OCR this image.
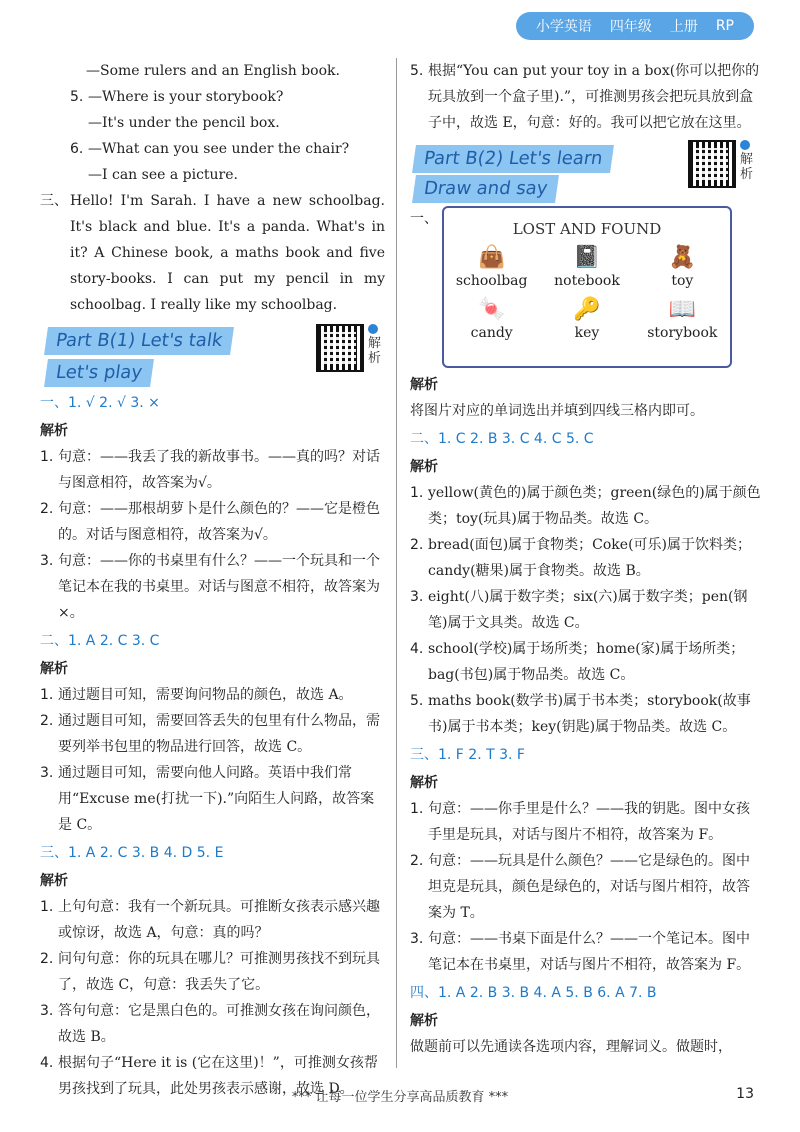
小学英语 四年级 上册 RP
—Some rulers and an English book.
5. —Where is your storybook?
—It's under the pencil box.
6. —What can you see under the chair?
—I can see a picture.
三、 Hello! I'm Sarah. I have a new schoolbag. It's black and blue. It's a panda. What's in it? A Chinese book, a maths book and five story-books. I can put my pencil in my schoolbag. I really like my schoolbag.
Part B(1) Let's talk
Let's play
解析
一、1. √ 2. √ 3. ×
解析
1. 句意：——我丢了我的新故事书。——真的吗？对话与图意相符，故答案为√。
2. 句意：——那根胡萝卜是什么颜色的？——它是橙色的。对话与图意相符，故答案为√。
3. 句意：——你的书桌里有什么？——一个玩具和一个笔记本在我的书桌里。对话与图意不相符，故答案为×。
二、1. A 2. C 3. C
解析
1. 通过题目可知，需要询问物品的颜色，故选 A。
2. 通过题目可知，需要回答丢失的包里有什么物品，需要列举书包里的物品进行回答，故选 C。
3. 通过题目可知，需要向他人问路。英语中我们常用“Excuse me(打扰一下).”向陌生人问路，故答案是 C。
三、1. A 2. C 3. B 4. D 5. E
解析
1. 上句句意：我有一个新玩具。可推断女孩表示感兴趣或惊讶，故选 A，句意：真的吗？
2. 问句句意：你的玩具在哪儿？可推测男孩找不到玩具了，故选 C，句意：我丢失了它。
3. 答句句意：它是黑白色的。可推测女孩在询问颜色，故选 B。
4. 根据句子“Here it is (它在这里)！”，可推测女孩帮男孩找到了玩具，此处男孩表示感谢，故选 D。
5. 根据“You can put your toy in a box(你可以把你的玩具放到一个盒子里).”，可推测男孩会把玩具放到盒子中，故选 E，句意：好的。我可以把它放在这里。
Part B(2) Let's learn
Draw and say
解析
一、
LOST AND FOUND
👜
schoolbag
📓
notebook
🧸
toy
🍬
candy
🔑
key
📖
storybook
解析
将图片对应的单词选出并填到四线三格内即可。
二、1. C 2. B 3. C 4. C 5. C
解析
1. yellow(黄色的)属于颜色类；green(绿色的)属于颜色类；toy(玩具)属于物品类。故选 C。
2. bread(面包)属于食物类；Coke(可乐)属于饮料类；candy(糖果)属于食物类。故选 B。
3. eight(八)属于数字类；six(六)属于数字类；pen(钢笔)属于文具类。故选 C。
4. school(学校)属于场所类；home(家)属于场所类；bag(书包)属于物品类。故选 C。
5. maths book(数学书)属于书本类；storybook(故事书)属于书本类；key(钥匙)属于物品类。故选 C。
三、1. F 2. T 3. F
解析
1. 句意：——你手里是什么？——我的钥匙。图中女孩手里是玩具，对话与图片不相符，故答案为 F。
2. 句意：——玩具是什么颜色？——它是绿色的。图中坦克是玩具，颜色是绿色的，对话与图片相符，故答案为 T。
3. 句意：——书桌下面是什么？——一个笔记本。图中笔记本在书桌里，对话与图片不相符，故答案为 F。
四、1. A 2. B 3. B 4. A 5. B 6. A 7. B
解析
做题前可以先通读各选项内容，理解词义。做题时，
*** 让每一位学生分享高品质教育 ***	13
